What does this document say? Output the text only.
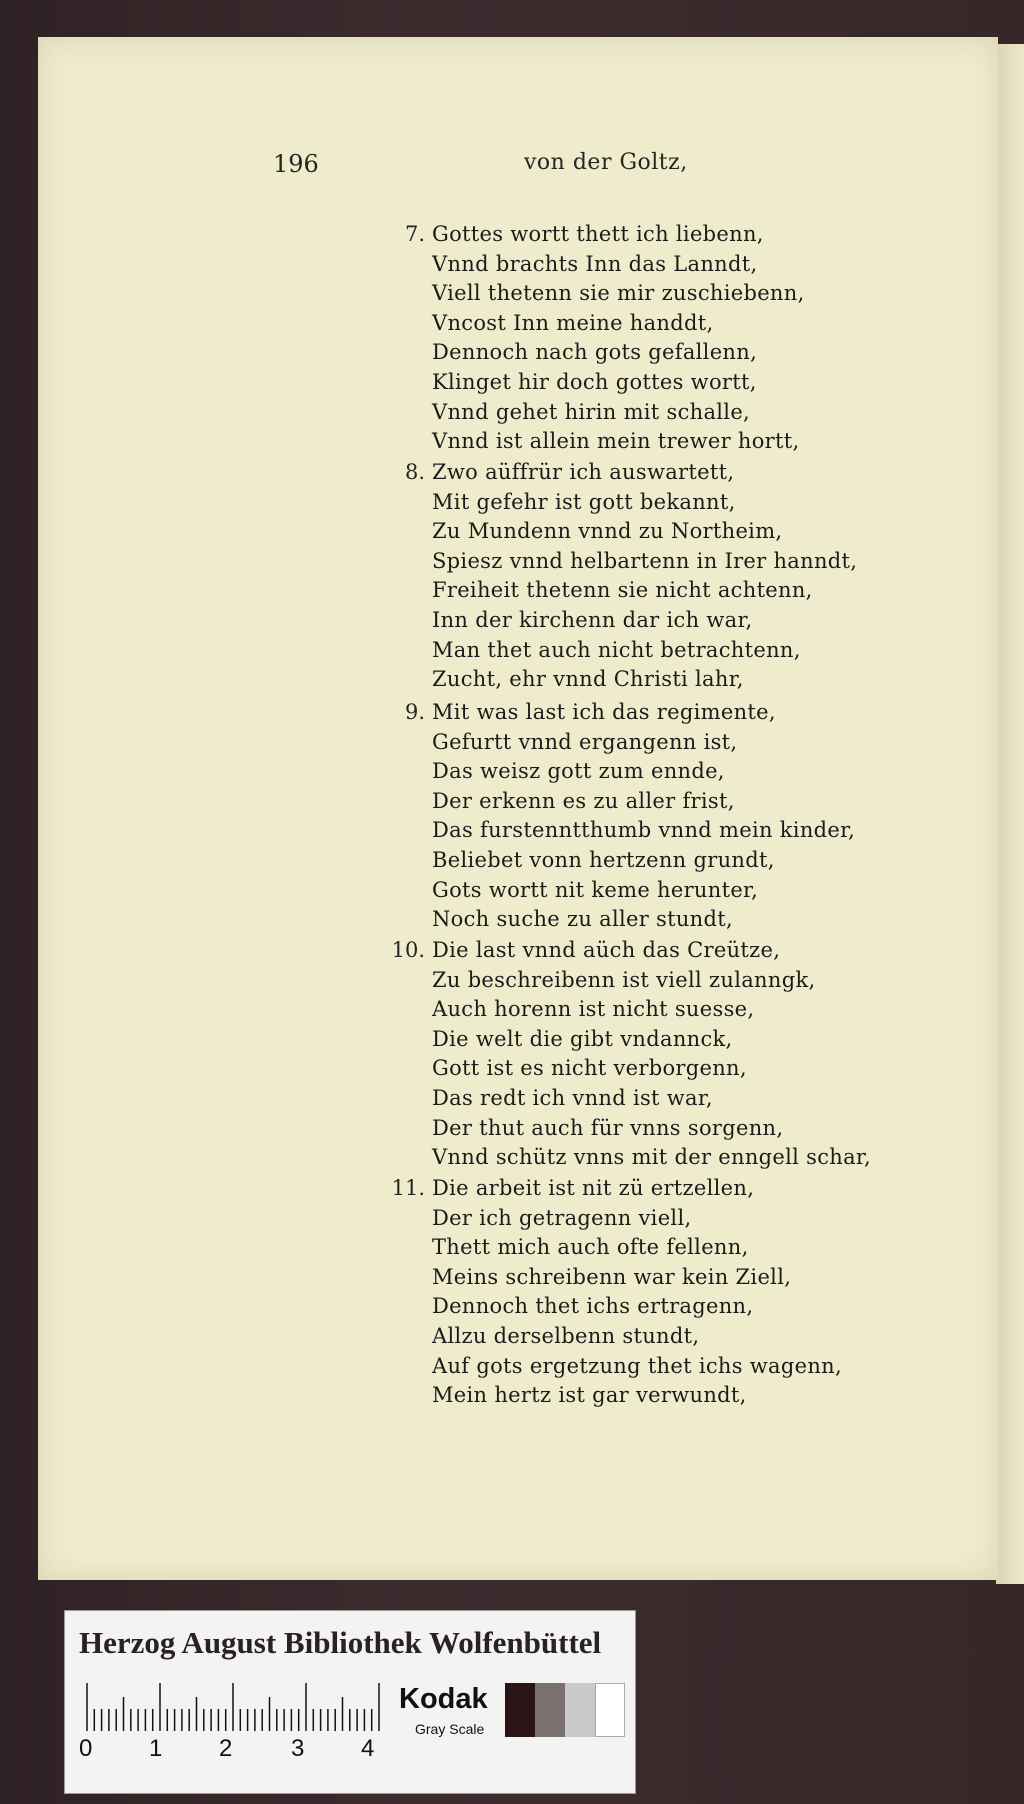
196	von der Goltz,
7. Gottes wortt thett ich liebenn,
Vnnd brachts Inn das Lanndt,
Viell thetenn sie mir zuschiebenn,
Vncost Inn meine handdt,
Dennoch nach gots gefallenn,
Klinget hir doch gottes wortt,
Vnnd gehet hirin mit schalle,
Vnnd ist allein mein trewer hortt,
8. Zwo aüffrür ich auswartett,
Mit gefehr ist gott bekannt,
Zu Mundenn vnnd zu Northeim,
Spiesz vnnd helbartenn in Irer hanndt,
Freiheit thetenn sie nicht achtenn,
Inn der kirchenn dar ich war,
Man thet auch nicht betrachtenn,
Zucht, ehr vnnd Christi lahr,
9. Mit was last ich das regimente,
Gefurtt vnnd ergangenn ist,
Das weisz gott zum ennde,
Der erkenn es zu aller frist,
Das furstenntthumb vnnd mein kinder,
Beliebet vonn hertzenn grundt,
Gots wortt nit keme herunter,
Noch suche zu aller stundt,
10. Die last vnnd aüch das Creütze,
Zu beschreibenn ist viell zulanngk,
Auch horenn ist nicht suesse,
Die welt die gibt vndannck,
Gott ist es nicht verborgenn,
Das redt ich vnnd ist war,
Der thut auch für vnns sorgenn,
Vnnd schütz vnns mit der enngell schar,
11. Die arbeit ist nit zü ertzellen,
Der ich getragenn viell,
Thett mich auch ofte fellenn,
Meins schreibenn war kein Ziell,
Dennoch thet ichs ertragenn,
Allzu derselbenn stundt,
Auf gots ergetzung thet ichs wagenn,
Mein hertz ist gar verwundt,
Herzog August Bibliothek Wolfenbüttel
0 1 2 3 4
Kodak
Gray Scale
